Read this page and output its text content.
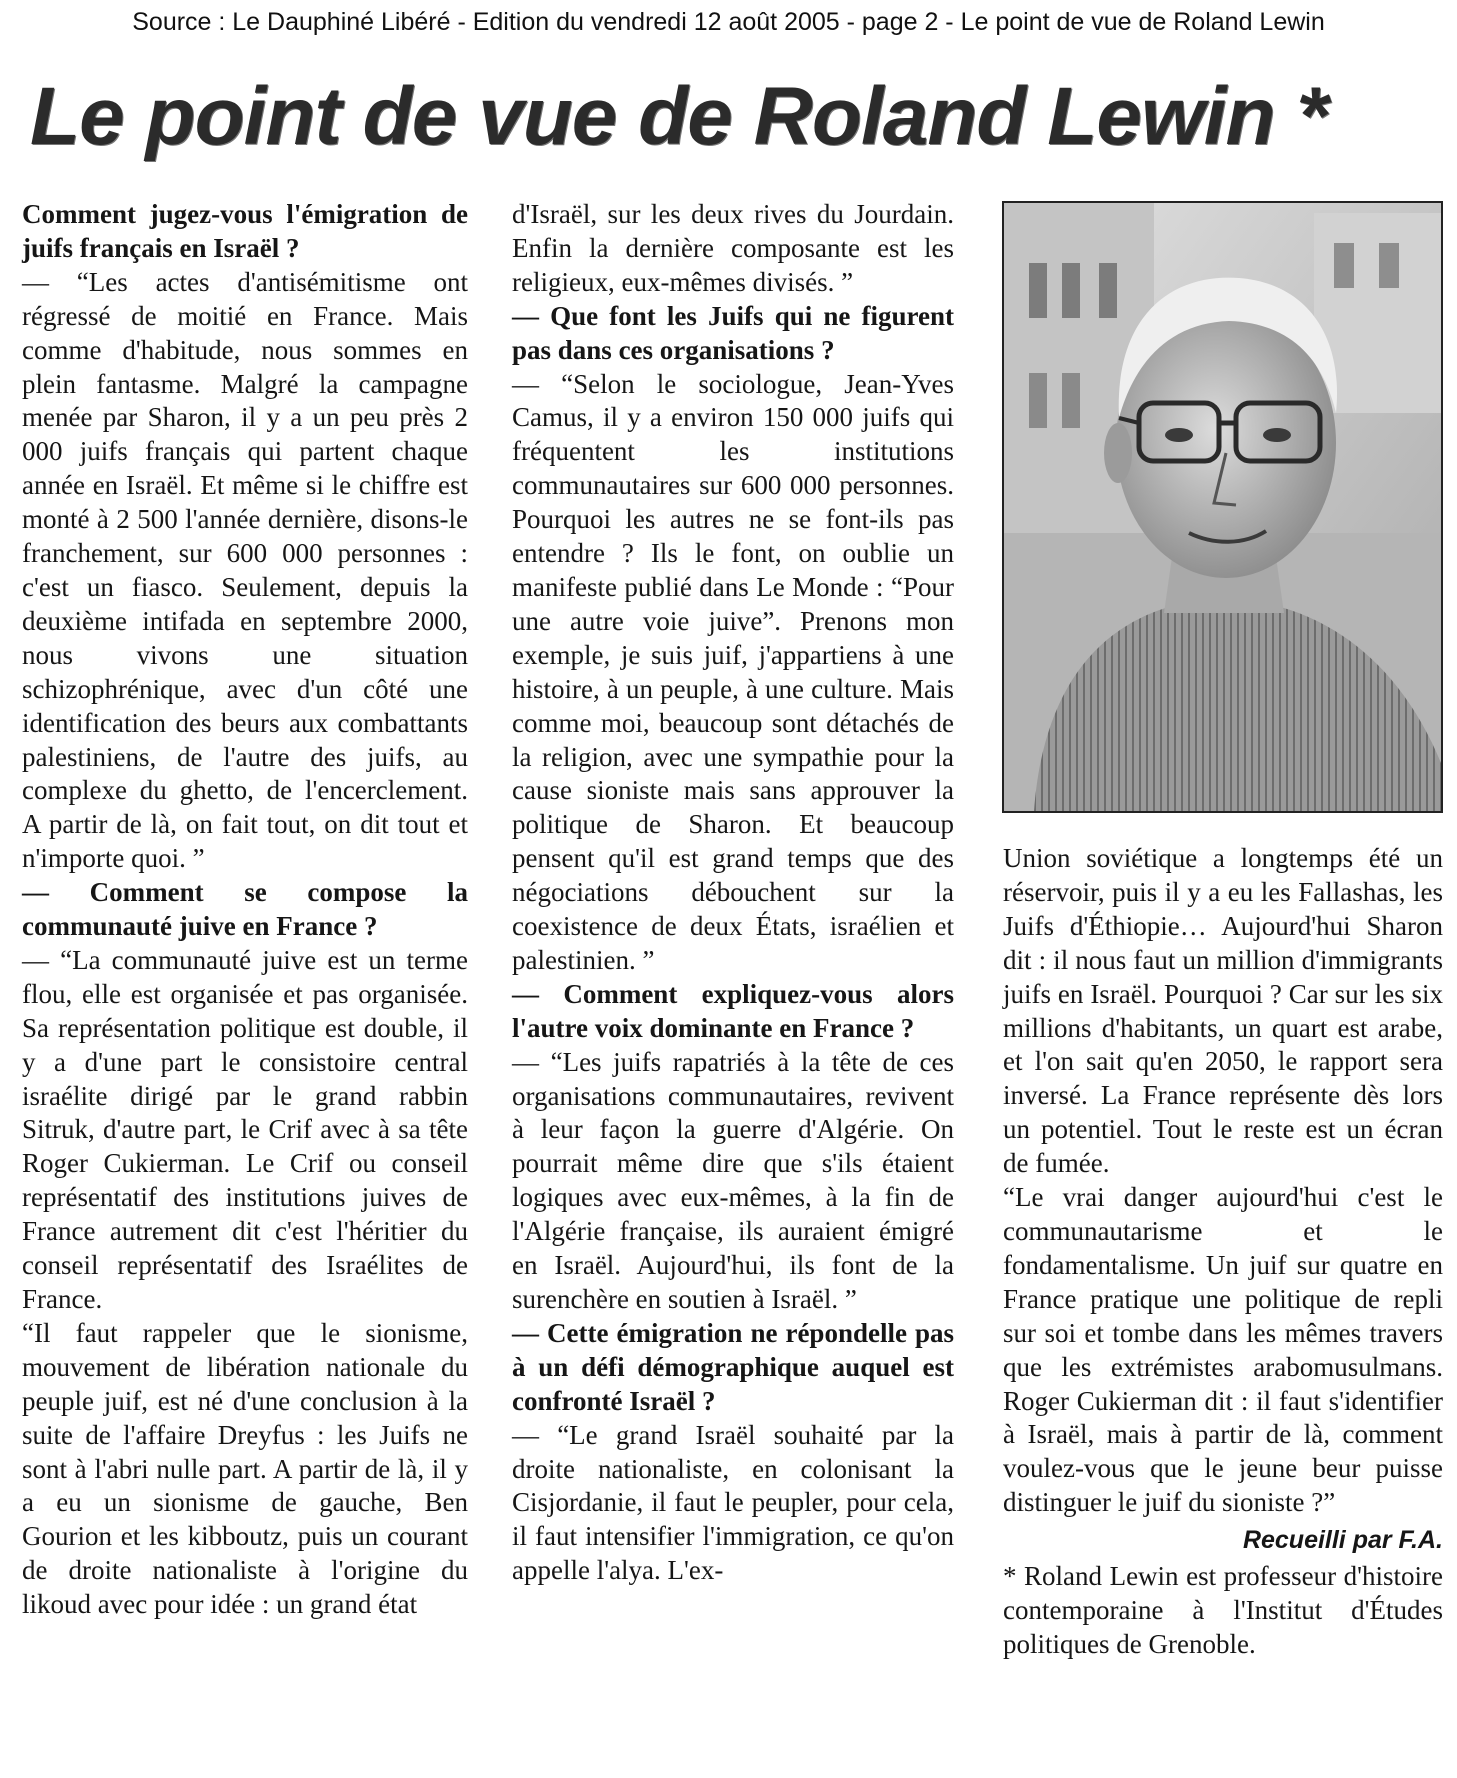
Source : Le Dauphiné Libéré - Edition du vendredi 12 août 2005 - page 2 - Le point de vue de Roland Lewin
Le point de vue de Roland Lewin *

Comment jugez-vous l'émigration de juifs français en Israël ?

— “Les actes d'antisémitisme ont régressé de moitié en France. Mais comme d'habitude, nous sommes en plein fantasme. Malgré la campagne menée par Sharon, il y a un peu près 2 000 juifs français qui partent chaque année en Israël. Et même si le chiffre est monté à 2 500 l'année dernière, disons-le franchement, sur 600 000 personnes : c'est un fiasco. Seulement, depuis la deuxième intifada en septembre 2000, nous vivons une situation schizophrénique, avec d'un côté une identification des beurs aux combattants palestiniens, de l'autre des juifs, au complexe du ghetto, de l'encerclement. A partir de là, on fait tout, on dit tout et n'importe quoi. ”

— Comment se compose la communauté juive en France ?

— “La communauté juive est un terme flou, elle est organisée et pas organisée. Sa représentation politique est double, il y a d'une part le consistoire central israélite dirigé par le grand rabbin Sitruk, d'autre part, le Crif avec à sa tête Roger Cukierman. Le Crif ou conseil représentatif des institutions juives de France autrement dit c'est l'héritier du conseil représentatif des Israélites de France.

“Il faut rappeler que le sionisme, mouvement de libération nationale du peuple juif, est né d'une conclusion à la suite de l'affaire Dreyfus : les Juifs ne sont à l'abri nulle part. A partir de là, il y a eu un sionisme de gauche, Ben Gourion et les kibboutz, puis un courant de droite nationaliste à l'origine du likoud avec pour idée : un grand état

d'Israël, sur les deux rives du Jourdain. Enfin la dernière composante est les religieux, eux-mêmes divisés. ”

— Que font les Juifs qui ne figurent pas dans ces organisations ?

— “Selon le sociologue, Jean-Yves Camus, il y a environ 150 000 juifs qui fréquentent les institutions communautaires sur 600 000 personnes. Pourquoi les autres ne se font-ils pas entendre ? Ils le font, on oublie un manifeste publié dans Le Monde : “Pour une autre voie juive”. Prenons mon exemple, je suis juif, j'appartiens à une histoire, à un peuple, à une culture. Mais comme moi, beaucoup sont détachés de la religion, avec une sympathie pour la cause sioniste mais sans approuver la politique de Sharon. Et beaucoup pensent qu'il est grand temps que des négociations débouchent sur la coexistence de deux États, israélien et palestinien. ”

— Comment expliquez-vous alors l'autre voix dominante en France ?

— “Les juifs rapatriés à la tête de ces organisations communautaires, revivent à leur façon la guerre d'Algérie. On pourrait même dire que s'ils étaient logiques avec eux-mêmes, à la fin de l'Algérie française, ils auraient émigré en Israël. Aujourd'hui, ils font de la surenchère en soutien à Israël. ”

— Cette émigration ne répondelle pas à un défi démographique auquel est confronté Israël ?

— “Le grand Israël souhaité par la droite nationaliste, en colonisant la Cisjordanie, il faut le peupler, pour cela, il faut intensifier l'immigration, ce qu'on appelle l'alya. L'ex-

Union soviétique a longtemps été un réservoir, puis il y a eu les Fallashas, les Juifs d'Éthiopie… Aujourd'hui Sharon dit : il nous faut un million d'immigrants juifs en Israël. Pourquoi ? Car sur les six millions d'habitants, un quart est arabe, et l'on sait qu'en 2050, le rapport sera inversé. La France représente dès lors un potentiel. Tout le reste est un écran de fumée.

“Le vrai danger aujourd'hui c'est le communautarisme et le fondamentalisme. Un juif sur quatre en France pratique une politique de repli sur soi et tombe dans les mêmes travers que les extrémistes arabomusulmans. Roger Cukierman dit : il faut s'identifier à Israël, mais à partir de là, comment voulez-vous que le jeune beur puisse distinguer le juif du sioniste ?”

Recueilli par F.A.

* Roland Lewin est professeur d'histoire contemporaine à l'Institut d'Études politiques de Grenoble.
